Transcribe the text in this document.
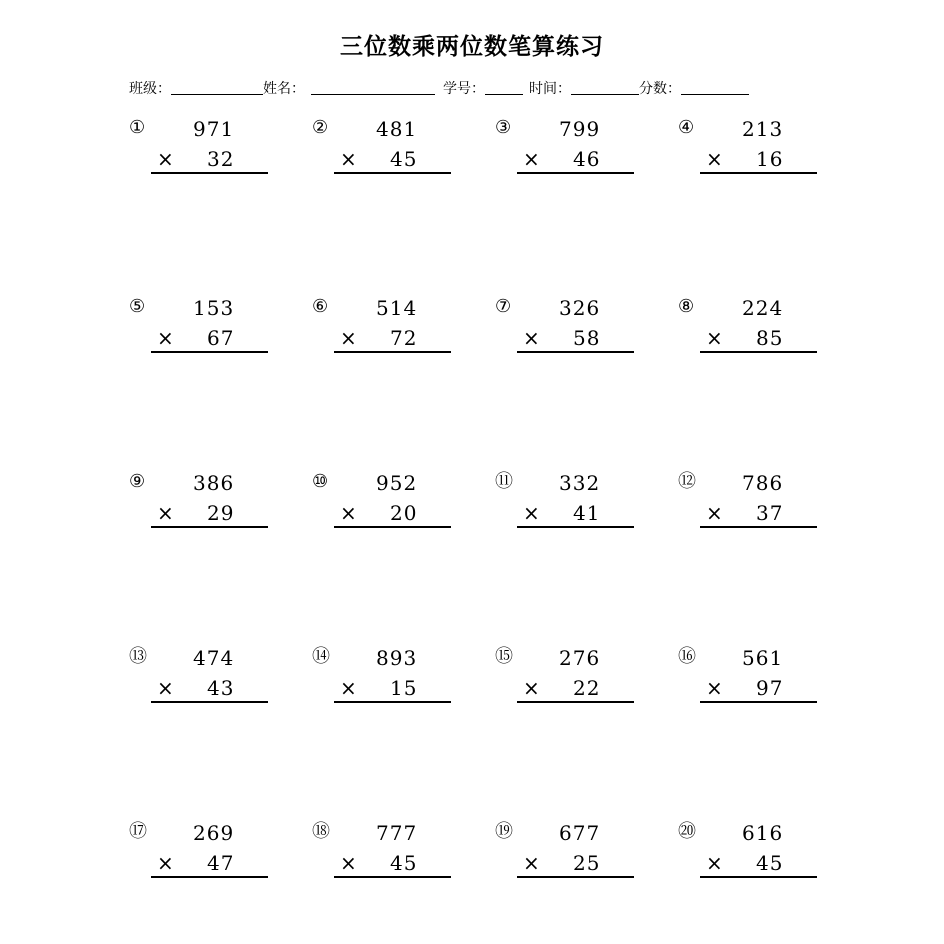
三位数乘两位数笔算练习
班级：	姓名：	学号：	时间：	分数：
① 971
× 32
② 481
× 45
③ 799
× 46
④ 213
× 16
⑤ 153
× 67
⑥ 514
× 72
⑦ 326
× 58
⑧ 224
× 85
⑨ 386
× 29
⑩ 952
× 20
⑪ 332
× 41
⑫ 786
× 37
⑬ 474
× 43
⑭ 893
× 15
⑮ 276
× 22
⑯ 561
× 97
⑰ 269
× 47
⑱ 777
× 45
⑲ 677
× 25
⑳ 616
× 45
